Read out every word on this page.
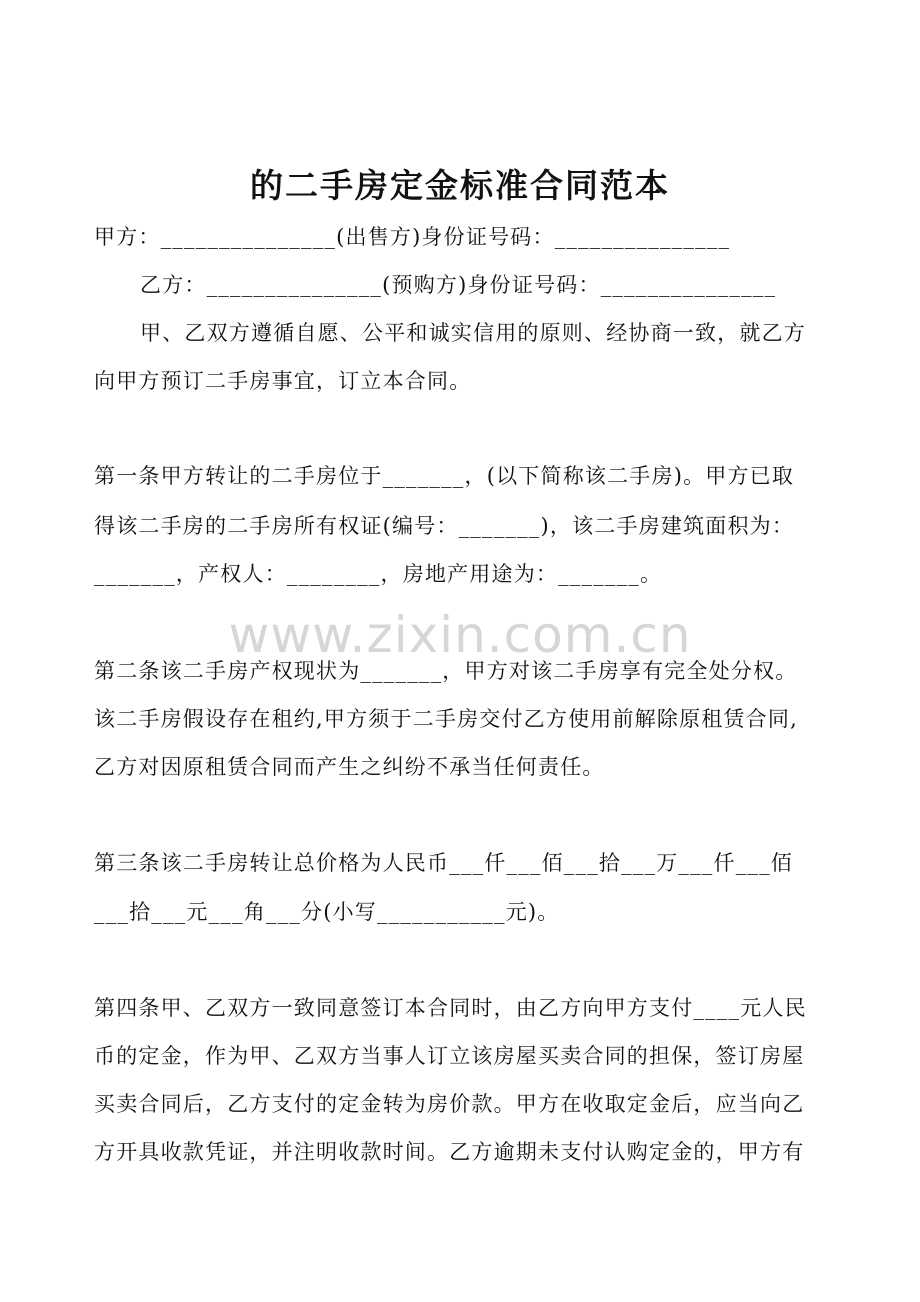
的二手房定金标准合同范本
甲方：_______________(出售方)身份证号码：_______________
乙方：_______________(预购方)身份证号码：_______________
甲、乙双方遵循自愿、公平和诚实信用的原则、经协商一致，就乙方
向甲方预订二手房事宜，订立本合同。
第一条甲方转让的二手房位于_______，(以下简称该二手房)。甲方已取
得该二手房的二手房所有权证(编号：_______)，该二手房建筑面积为：
_______，产权人：________，房地产用途为：_______。
www.zixin.com.cn
第二条该二手房产权现状为_______，甲方对该二手房享有完全处分权。
该二手房假设存在租约,甲方须于二手房交付乙方使用前解除原租赁合同,
乙方对因原租赁合同而产生之纠纷不承当任何责任。
第三条该二手房转让总价格为人民币___仟___佰___拾___万___仟___佰
___拾___元___角___分(小写___________元)。
第四条甲、乙双方一致同意签订本合同时，由乙方向甲方支付____元人民
币的定金，作为甲、乙双方当事人订立该房屋买卖合同的担保，签订房屋
买卖合同后，乙方支付的定金转为房价款。甲方在收取定金后，应当向乙
方开具收款凭证，并注明收款时间。乙方逾期未支付认购定金的，甲方有
